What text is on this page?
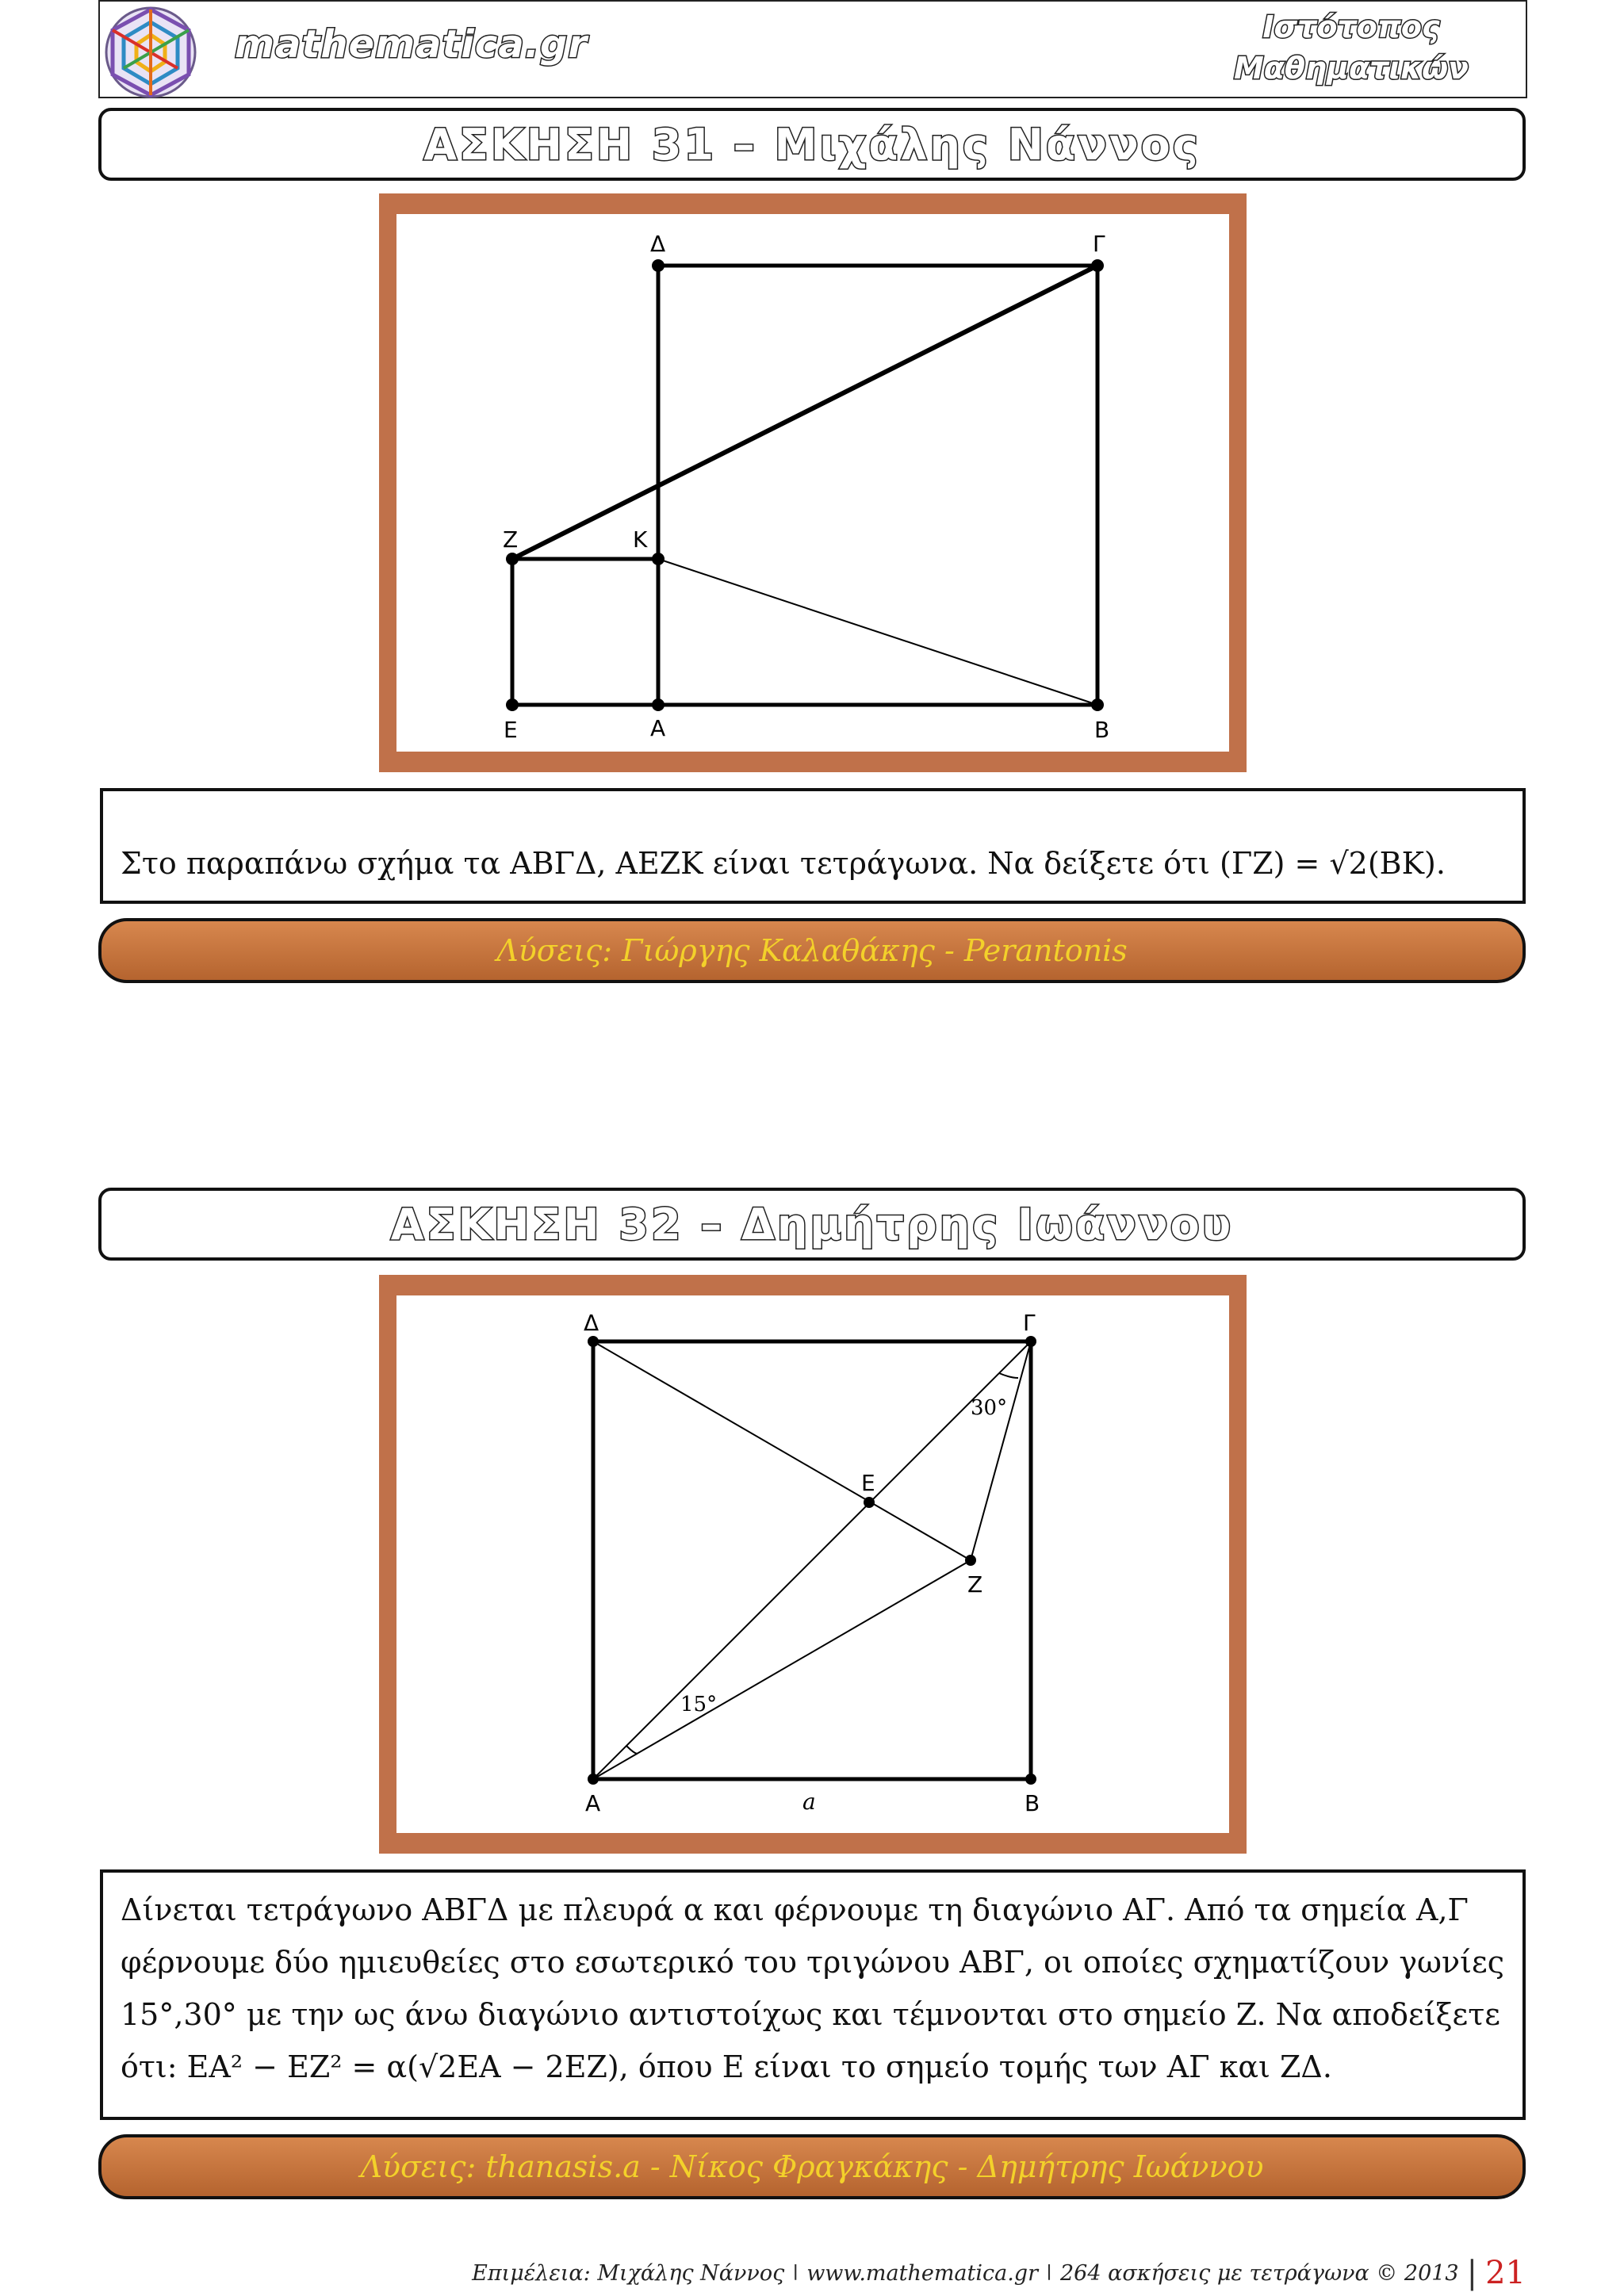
mathematica.gr	Ιστότοπος
Μαθηματικών
ΑΣΚΗΣΗ 31 – Μιχάλης Νάννος
Δ	Γ
Ζ	Κ
Ε	Α	Β
Στο παραπάνω σχήμα τα ΑΒΓΔ, ΑΕΖΚ είναι τετράγωνα. Να δείξετε ότι (ΓΖ) = √2(ΒΚ).
Λύσεις: Γιώργης Καλαθάκης - Perantonis
ΑΣΚΗΣΗ 32 – Δημήτρης Ιωάννου
Δ	Γ
Ε
Ζ
Α	Β
a
30°
15°
Δίνεται τετράγωνο ΑΒΓΔ με πλευρά α και φέρνουμε τη διαγώνιο ΑΓ. Από τα σημεία Α,Γ
φέρνουμε δύο ημιευθείες στο εσωτερικό του τριγώνου ΑΒΓ, οι οποίες σχηματίζουν γωνίες
15°,30° με την ως άνω διαγώνιο αντιστοίχως και τέμνονται στο σημείο Z. Να αποδείξετε
ότι: ΕΑ² − ΕΖ² = α(√2ΕΑ − 2ΕΖ), όπου Ε είναι το σημείο τομής των ΑΓ και ΖΔ.
Λύσεις: thanasis.a - Νίκος Φραγκάκης - Δημήτρης Ιωάννου
Επιμέλεια: Μιχάλης Νάννος ǀ www.mathematica.gr ǀ 264 ασκήσεις με τετράγωνα © 2013 | 21
